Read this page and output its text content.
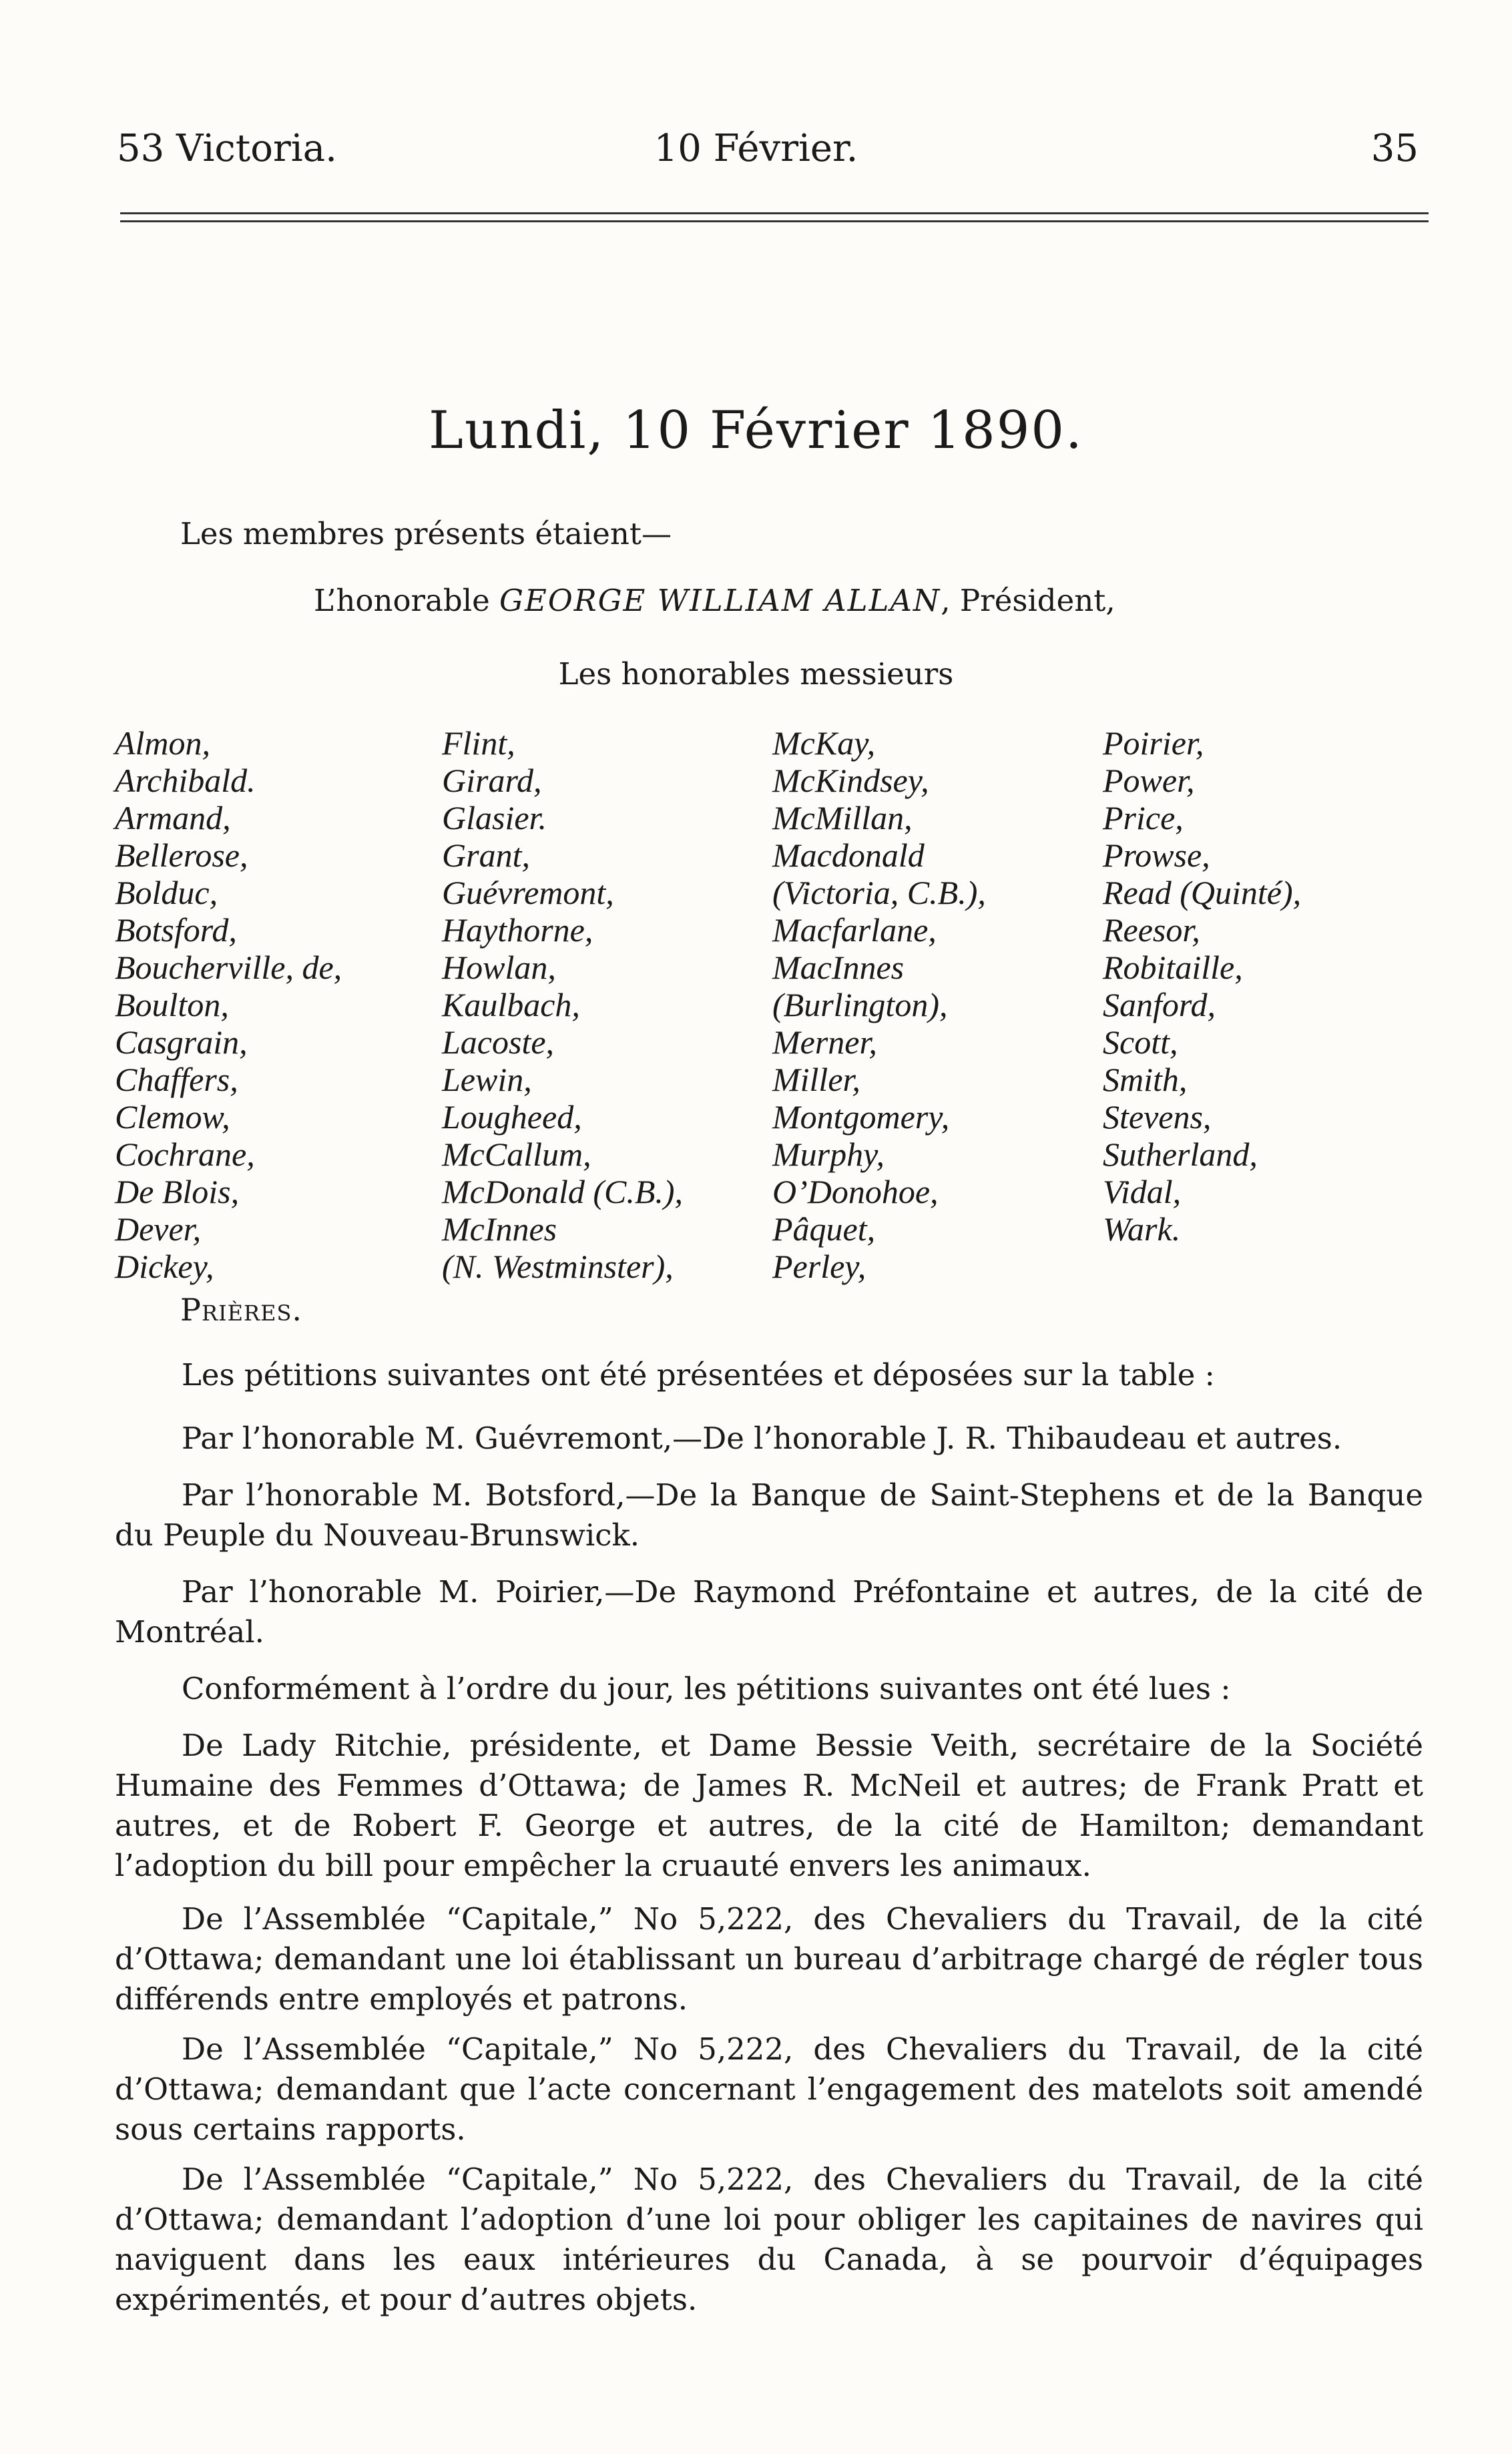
53 Victoria.	10 Février.	35
Lundi, 10 Février 1890.
Les membres présents étaient—
L’honorable GEORGE WILLIAM ALLAN, Président,
Les honorables messieurs
Almon,	Flint,	McKay,	Poirier,
Archibald.	Girard,	McKindsey,	Power,
Armand,	Glasier.	McMillan,	Price,
Bellerose,	Grant,	Macdonald	Prowse,
Bolduc,	Guévremont,	(Victoria, C.B.),	Read (Quinté),
Botsford,	Haythorne,	Macfarlane,	Reesor,
Boucherville, de,	Howlan,	MacInnes	Robitaille,
Boulton,	Kaulbach,	(Burlington),	Sanford,
Casgrain,	Lacoste,	Merner,	Scott,
Chaffers,	Lewin,	Miller,	Smith,
Clemow,	Lougheed,	Montgomery,	Stevens,
Cochrane,	McCallum,	Murphy,	Sutherland,
De Blois,	McDonald (C.B.),	O’Donohoe,	Vidal,
Dever,	McInnes	Pâquet,	Wark.
Dickey,	(N. Westminster),	Perley,
Prières.
Les pétitions suivantes ont été présentées et déposées sur la table :
Par l’honorable M. Guévremont,—De l’honorable J. R. Thibaudeau et autres.
Par l’honorable M. Botsford,—De la Banque de Saint-Stephens et de la Banque du Peuple du Nouveau-Brunswick.
Par l’honorable M. Poirier,—De Raymond Préfontaine et autres, de la cité de Montréal.
Conformément à l’ordre du jour, les pétitions suivantes ont été lues :
De Lady Ritchie, présidente, et Dame Bessie Veith, secrétaire de la Société Humaine des Femmes d’Ottawa; de James R. McNeil et autres; de Frank Pratt et autres, et de Robert F. George et autres, de la cité de Hamilton; demandant l’adoption du bill pour empêcher la cruauté envers les animaux.
De l’Assemblée “Capitale,” No 5,222, des Chevaliers du Travail, de la cité d’Ottawa; demandant une loi établissant un bureau d’arbitrage chargé de régler tous différends entre employés et patrons.
De l’Assemblée “Capitale,” No 5,222, des Chevaliers du Travail, de la cité d’Ottawa; demandant que l’acte concernant l’engagement des matelots soit amendé sous certains rapports.
De l’Assemblée “Capitale,” No 5,222, des Chevaliers du Travail, de la cité d’Ottawa; demandant l’adoption d’une loi pour obliger les capitaines de navires qui naviguent dans les eaux intérieures du Canada, à se pourvoir d’équipages expérimentés, et pour d’autres objets.
